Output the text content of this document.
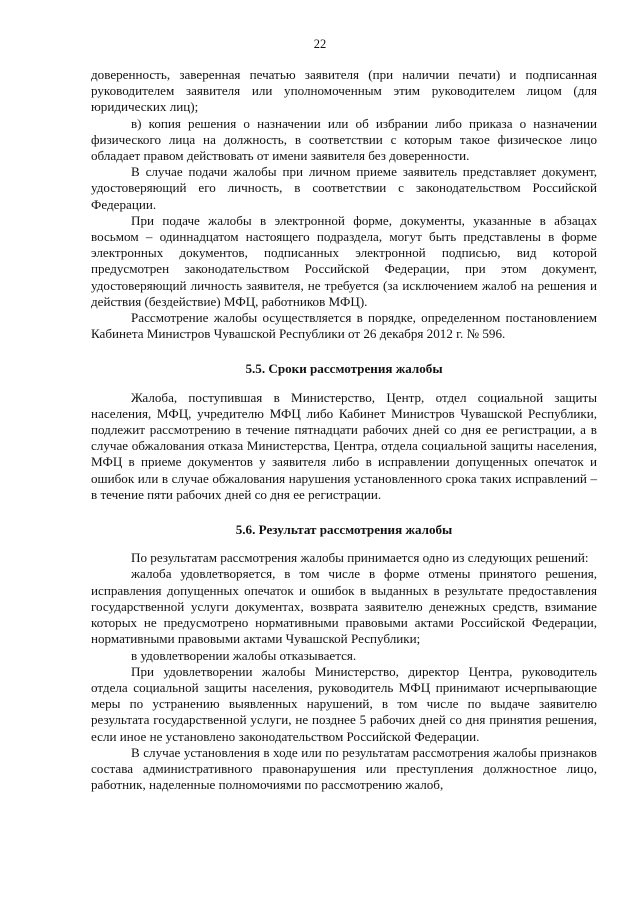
22

доверенность, заверенная печатью заявителя (при наличии печати) и подписанная руководителем заявителя или уполномоченным этим руководителем лицом (для юридических лиц);

в) копия решения о назначении или об избрании либо приказа о назначении физического лица на должность, в соответствии с которым такое физическое лицо обладает правом действовать от имени заявителя без доверенности.

В случае подачи жалобы при личном приеме заявитель представляет документ, удостоверяющий его личность, в соответствии с законодательством Российской Федерации.

При подаче жалобы в электронной форме, документы, указанные в абзацах восьмом – одиннадцатом настоящего подраздела, могут быть представлены в форме электронных документов, подписанных электронной подписью, вид которой предусмотрен законодательством Российской Федерации, при этом документ, удостоверяющий личность заявителя, не требуется (за исключением жалоб на решения и действия (бездействие) МФЦ, работников МФЦ).

Рассмотрение жалобы осуществляется в порядке, определенном постановлением Кабинета Министров Чувашской Республики от 26 декабря 2012 г. № 596.

5.5. Сроки рассмотрения жалобы

Жалоба, поступившая в Министерство, Центр, отдел социальной защиты населения, МФЦ, учредителю МФЦ либо Кабинет Министров Чувашской Республики, подлежит рассмотрению в течение пятнадцати рабочих дней со дня ее регистрации, а в случае обжалования отказа Министерства, Центра, отдела социальной защиты населения, МФЦ в приеме документов у заявителя либо в исправлении допущенных опечаток и ошибок или в случае обжалования нарушения установленного срока таких исправлений – в течение пяти рабочих дней со дня ее регистрации.

5.6. Результат рассмотрения жалобы

По результатам рассмотрения жалобы принимается одно из следующих решений:

жалоба удовлетворяется, в том числе в форме отмены принятого решения, исправления допущенных опечаток и ошибок в выданных в результате предоставления государственной услуги документах, возврата заявителю денежных средств, взимание которых не предусмотрено нормативными правовыми актами Российской Федерации, нормативными правовыми актами Чувашской Республики;

в удовлетворении жалобы отказывается.

При удовлетворении жалобы Министерство, директор Центра, руководитель отдела социальной защиты населения, руководитель МФЦ принимают исчерпывающие меры по устранению выявленных нарушений, в том числе по выдаче заявителю результата государственной услуги, не позднее 5 рабочих дней со дня принятия решения, если иное не установлено законодательством Российской Федерации.

В случае установления в ходе или по результатам рассмотрения жалобы признаков состава административного правонарушения или преступления должностное лицо, работник, наделенные полномочиями по рассмотрению жалоб,
